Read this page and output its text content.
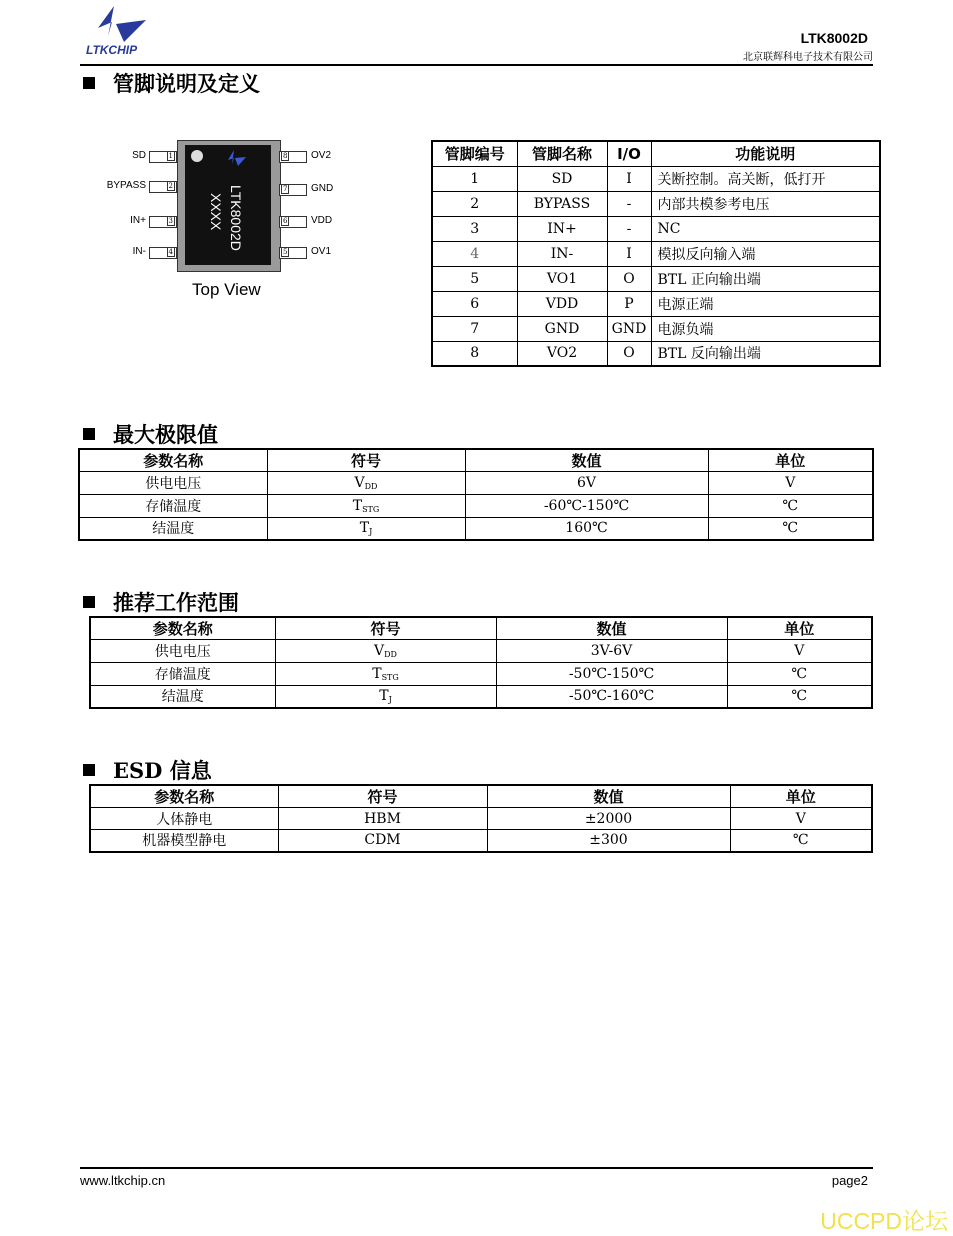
LTKCHIP
LTK8002D
北京联辉科电子技术有限公司
管脚说明及定义
LTK8002D
XXXX
SD	1
BYPASS	2
IN+	3
IN-	4
8	OV2
7	GND
6	VDD
5	OV1
Top View
管脚编号	管脚名称	I/O	功能说明
1	SD	I	关断控制。高关断，低打开
2	BYPASS	-	内部共模参考电压
3	IN+	-	NC
4	IN-	I	模拟反向输入端
5	VO1	O	BTL 正向输出端
6	VDD	P	电源正端
7	GND	GND	电源负端
8	VO2	O	BTL 反向输出端
最大极限值
参数名称	符号	数值	单位
供电电压	$V_{DD}$	6V	V
存储温度	$T_{STG}$	-60℃-150℃	℃
结温度	$T_J$	160℃	℃
推荐工作范围
参数名称	符号	数值	单位
供电电压	$V_{DD}$	3V-6V	V
存储温度	$T_{STG}$	-50℃-150℃	℃
结温度	$T_J$	-50℃-160℃	℃
ESD 信息
参数名称	符号	数值	单位
人体静电	HBM	±2000	V
机器模型静电	CDM	±300	℃
www.ltkchip.cn	page2
UCCPD论坛
